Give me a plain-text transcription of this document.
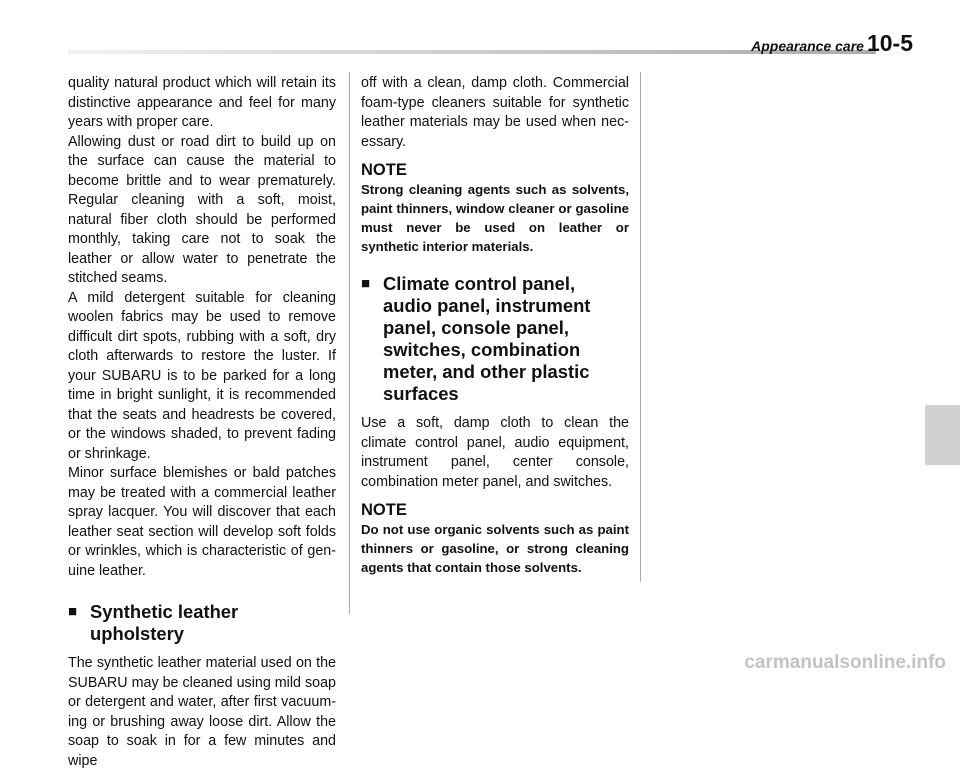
Appearance care 10-5

quality natural product which will retain its distinctive appearance and feel for many years with proper care.

Allowing dust or road dirt to build up on the surface can cause the material to become brittle and to wear prematurely. Regular cleaning with a soft, moist, natural fiber cloth should be performed monthly, taking care not to soak the leather or allow water to penetrate the stitched seams.

A mild detergent suitable for cleaning woolen fabrics may be used to remove difficult dirt spots, rubbing with a soft, dry cloth afterwards to restore the luster. If your SUBARU is to be parked for a long time in bright sunlight, it is recommended that the seats and headrests be covered, or the windows shaded, to prevent fading or shrinkage.

Minor surface blemishes or bald patches may be treated with a commercial leather spray lacquer. You will discover that each leather seat section will develop soft folds or wrinkles, which is characteristic of genuine leather.

■ Synthetic leather upholstery

The synthetic leather material used on the SUBARU may be cleaned using mild soap or detergent and water, after first vacuuming or brushing away loose dirt. Allow the soap to soak in for a few minutes and wipe

off with a clean, damp cloth. Commercial foam-type cleaners suitable for synthetic leather materials may be used when necessary.

NOTE

Strong cleaning agents such as solvents, paint thinners, window cleaner or gasoline must never be used on leather or synthetic interior materials.

■ Climate control panel, audio panel, instrument panel, console panel, switches, combination meter, and other plastic surfaces

Use a soft, damp cloth to clean the climate control panel, audio equipment, instrument panel, center console, combination meter panel, and switches.

NOTE

Do not use organic solvents such as paint thinners or gasoline, or strong cleaning agents that contain those solvents.

carmanualsonline.info
